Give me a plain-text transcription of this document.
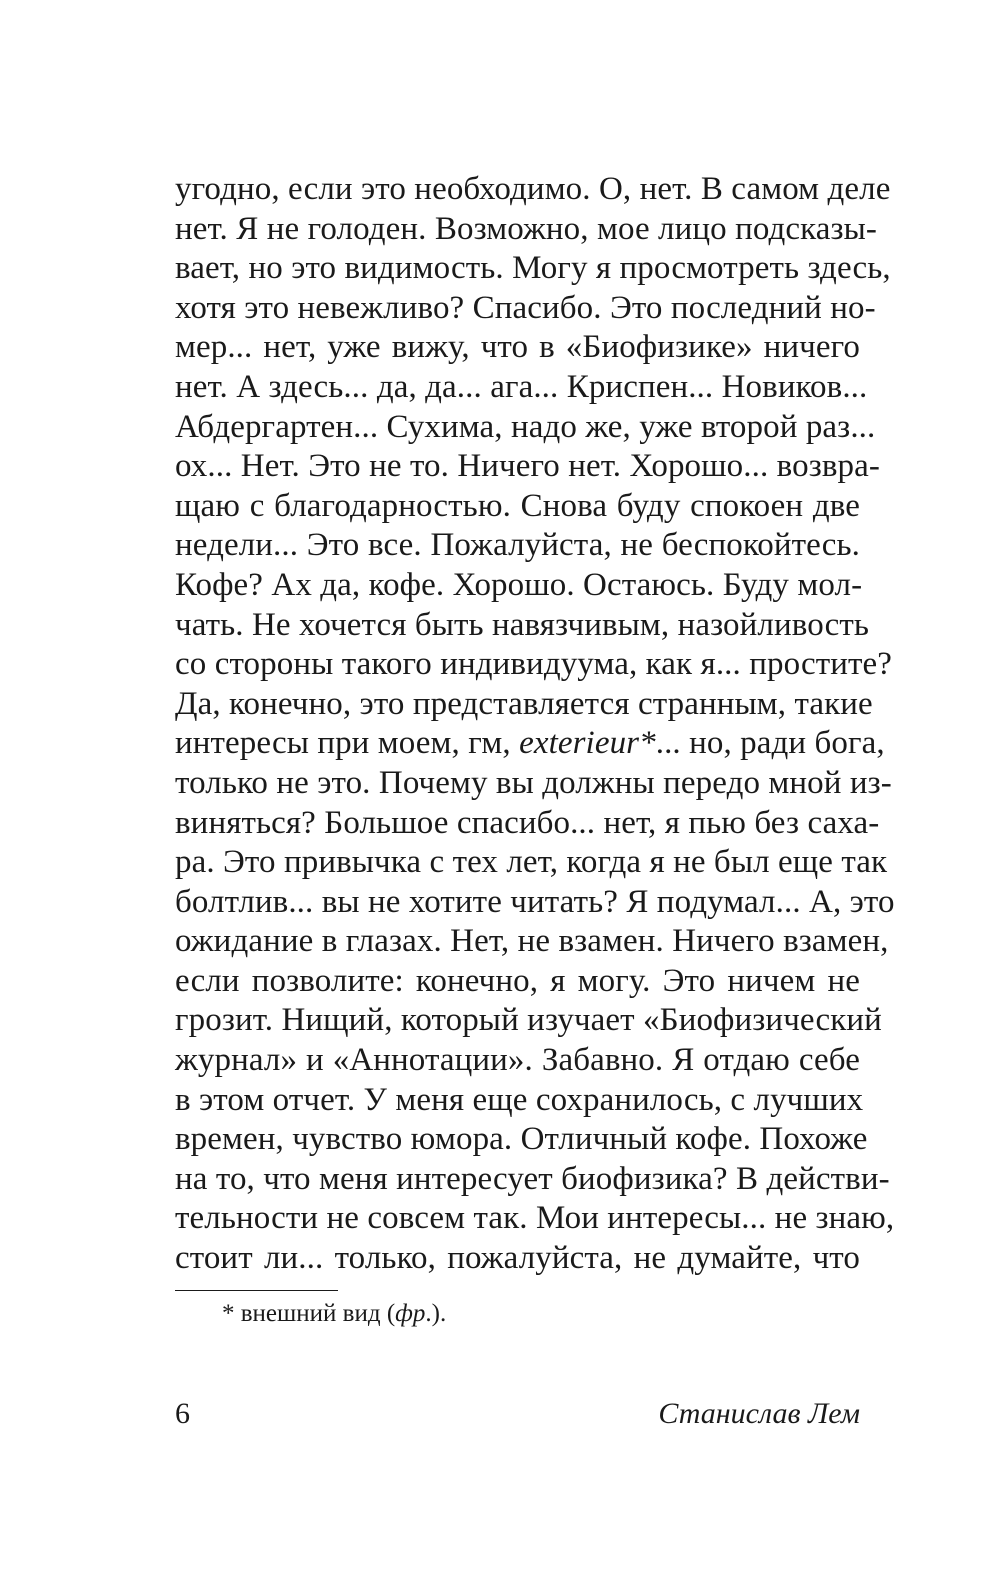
угодно, если это необходимо. О, нет. В самом деле
нет. Я не голоден. Возможно, мое лицо подсказы-
вает, но это видимость. Могу я просмотреть здесь,
хотя это невежливо? Спасибо. Это последний но-
мер... нет, уже вижу, что в «Биофизике» ничего
нет. А здесь... да, да... ага... Криспен... Новиков...
Абдергартен... Сухима, надо же, уже второй раз...
ох... Нет. Это не то. Ничего нет. Хорошо... возвра-
щаю с благодарностью. Снова буду спокоен две
недели... Это все. Пожалуйста, не беспокойтесь.
Кофе? Ах да, кофе. Хорошо. Остаюсь. Буду мол-
чать. Не хочется быть навязчивым, назойливость
со стороны такого индивидуума, как я... простите?
Да, конечно, это представляется странным, такие
интересы при моем, гм, exterieur*... но, ради бога,
только не это. Почему вы должны передо мной из-
виняться? Большое спасибо... нет, я пью без саха-
ра. Это привычка с тех лет, когда я не был еще так
болтлив... вы не хотите читать? Я подумал... А, это
ожидание в глазах. Нет, не взамен. Ничего взамен,
если позволите: конечно, я могу. Это ничем не
грозит. Нищий, который изучает «Биофизический
журнал» и «Аннотации». Забавно. Я отдаю себе
в этом отчет. У меня еще сохранилось, с лучших
времен, чувство юмора. Отличный кофе. Похоже
на то, что меня интересует биофизика? В действи-
тельности не совсем так. Мои интересы... не знаю,
стоит ли... только, пожалуйста, не думайте, что
* внешний вид (фр.).
6	Станислав Лем
